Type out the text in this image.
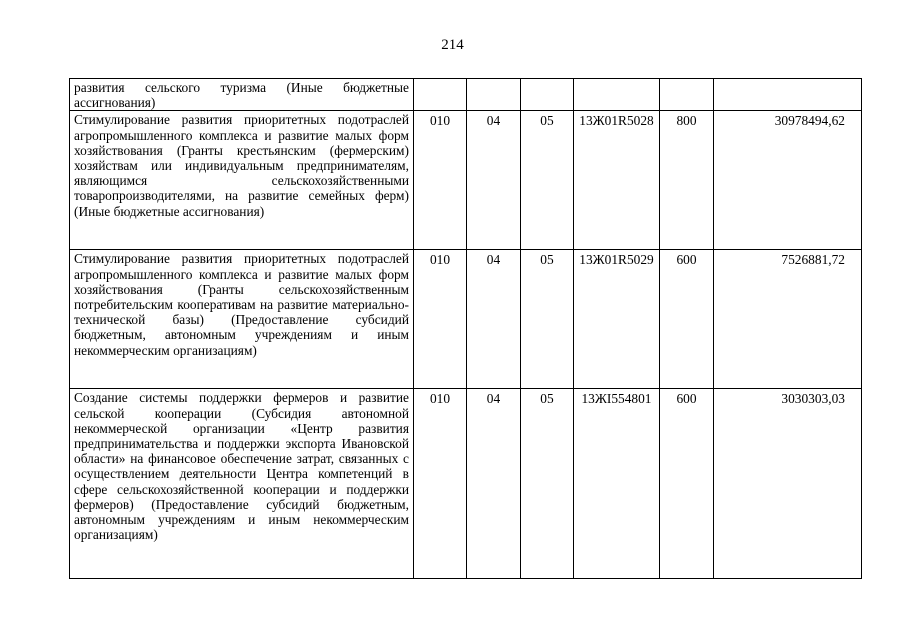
214
развития сельского туризма (Иные бюджетные ассигнования)						
Стимулирование развития приоритетных подотраслей агропромышленного комплекса и развитие малых форм хозяйствования (Гранты крестьянским (фермерским) хозяйствам или индивидуальным предпринимателям, являющимся сельскохозяйственными товаропроизводителями, на развитие семейных ферм) (Иные бюджетные ассигнования)	010	04	05	13Ж01R5028	800	30978494,62
Стимулирование развития приоритетных подотраслей агропромышленного комплекса и развитие малых форм хозяйствования (Гранты сельскохозяйственным потребительским кооперативам на развитие материально-технической базы) (Предоставление субсидий бюджетным, автономным учреждениям и иным некоммерческим организациям)	010	04	05	13Ж01R5029	600	7526881,72
Создание системы поддержки фермеров и развитие сельской кооперации (Субсидия автономной некоммерческой организации «Центр развития предпринимательства и поддержки экспорта Ивановской области» на финансовое обеспечение затрат, связанных с осуществлением деятельности Центра компетенций в сфере сельскохозяйственной кооперации и поддержки фермеров) (Предоставление субсидий бюджетным, автономным учреждениям и иным некоммерческим организациям)	010	04	05	13ЖI554801	600	3030303,03
